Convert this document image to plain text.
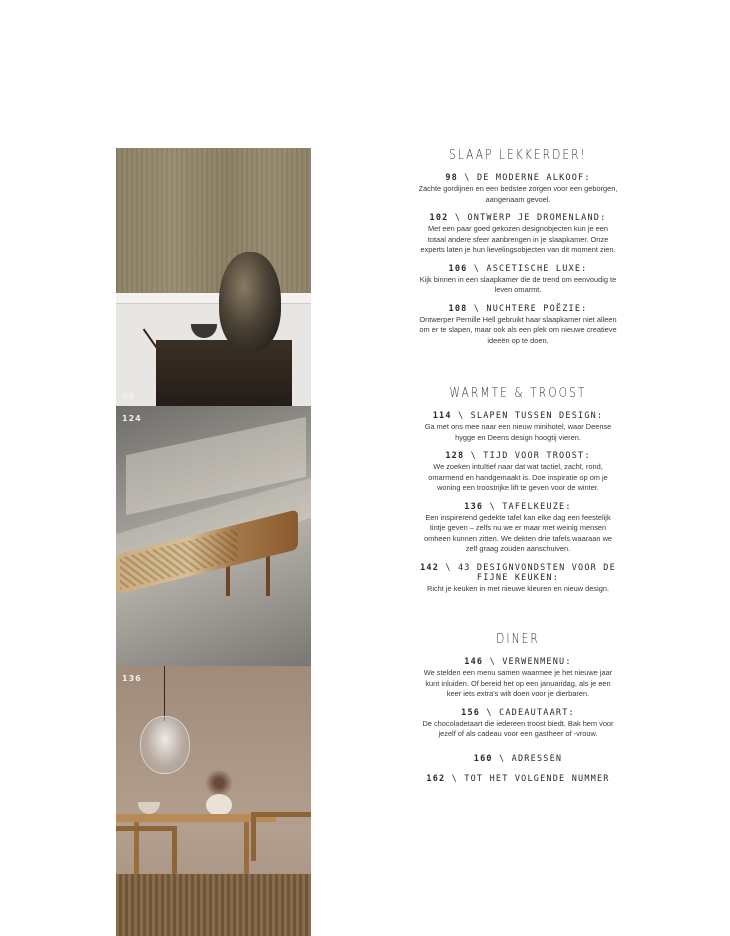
98
124
136
SLAAP LEKKERDER!
98 \ DE MODERNE ALKOOF:
Zachte gordijnen en een bedstee zorgen voor een geborgen, aangenaam gevoel.
102 \ ONTWERP JE DROMENLAND:
Met een paar goed gekozen designobjecten kun je een totaal andere sfeer aanbrengen in je slaapkamer. Onze experts laten je hun lievelingsobjecten van dit moment zien.
106 \ ASCETISCHE LUXE:
Kijk binnen in een slaapkamer die de trend om eenvoudig te leven omarmt.
108 \ NUCHTERE POËZIE:
Ontwerper Pernille Hell gebruikt haar slaapkamer niet alleen om er te slapen, maar ook als een plek om nieuwe creatieve ideeën op te doen.
WARMTE & TROOST
114 \ SLAPEN TUSSEN DESIGN:
Ga met ons mee naar een nieuw minihotel, waar Deense hygge en Deens design hoogtij vieren.
128 \ TIJD VOOR TROOST:
We zoeken intuïtief naar dat wat tactiel, zacht, rond, omarmend en handgemaakt is. Doe inspiratie op om je woning een troostrijke lift te geven voor de winter.
136 \ TAFELKEUZE:
Een inspirerend gedekte tafel kan elke dag een feestelijk tintje geven – zelfs nu we er maar met weinig mensen omheen kunnen zitten. We dekten drie tafels waaraan we zelf graag zouden aanschuiven.
142 \ 43 DESIGNVONDSTEN VOOR DE FIJNE KEUKEN:
Richt je keuken in met nieuwe kleuren en nieuw design.
DINER
146 \ VERWENMENU:
We stelden een menu samen waarmee je het nieuwe jaar kunt inluiden. Of bereid het op een januaridag, als je een keer iets extra's wilt doen voor je dierbaren.
156 \ CADEAUTAART:
De chocoladetaart die iedereen troost biedt. Bak hem voor jezelf of als cadeau voor een gastheer of -vrouw.
160 \ ADRESSEN
162 \ TOT HET VOLGENDE NUMMER
